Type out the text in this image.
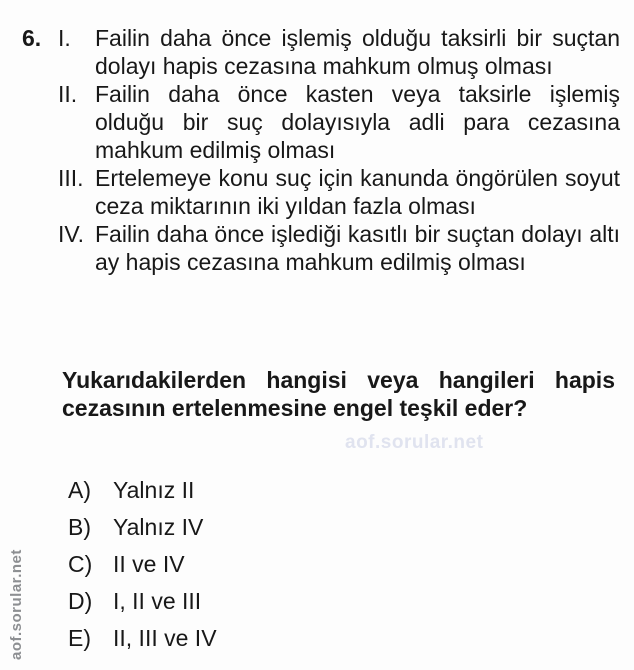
6. I.	Failin daha önce işlemiş olduğu taksirli bir suçtan dolayı hapis cezasına mahkum olmuş olması
II. Failin daha önce kasten veya taksirle işlemiş olduğu bir suç dolayısıyla adli para cezasına mahkum edilmiş olması
III. Ertelemeye konu suç için kanunda öngörülen soyut ceza miktarının iki yıldan fazla olması
IV. Failin daha önce işlediği kasıtlı bir suçtan dolayı altı ay hapis cezasına mahkum edilmiş olması
Yukarıdakilerden hangisi veya hangileri hapis cezasının ertelenmesine engel teşkil eder?
aof.sorular.net
A) Yalnız II
B) Yalnız IV
C) II ve IV
D) I, II ve III
E) II, III ve IV
aof.sorular.net
